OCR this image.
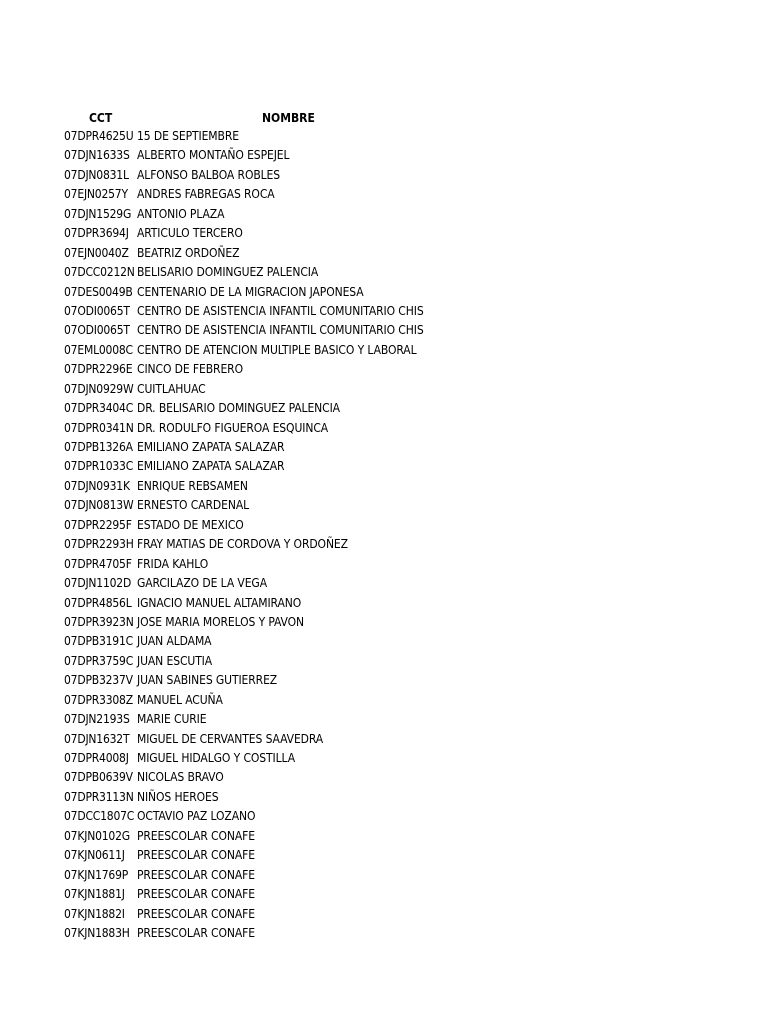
CCT	NOMBRE
07DPR4625U 15 DE SEPTIEMBRE
07DJN1633S ALBERTO MONTAÑO ESPEJEL
07DJN0831L ALFONSO BALBOA ROBLES
07EJN0257Y ANDRES FABREGAS ROCA
07DJN1529G ANTONIO PLAZA
07DPR3694J ARTICULO TERCERO
07EJN0040Z BEATRIZ ORDOÑEZ
07DCC0212N BELISARIO DOMINGUEZ PALENCIA
07DES0049B CENTENARIO DE LA MIGRACION JAPONESA
07ODI0065T CENTRO DE ASISTENCIA INFANTIL COMUNITARIO CHIS
07ODI0065T CENTRO DE ASISTENCIA INFANTIL COMUNITARIO CHIS
07EML0008C CENTRO DE ATENCION MULTIPLE BASICO Y LABORAL
07DPR2296E CINCO DE FEBRERO
07DJN0929W CUITLAHUAC
07DPR3404C DR. BELISARIO DOMINGUEZ PALENCIA
07DPR0341N DR. RODULFO FIGUEROA ESQUINCA
07DPB1326A EMILIANO ZAPATA SALAZAR
07DPR1033C EMILIANO ZAPATA SALAZAR
07DJN0931K ENRIQUE REBSAMEN
07DJN0813W ERNESTO CARDENAL
07DPR2295F ESTADO DE MEXICO
07DPR2293H FRAY MATIAS DE CORDOVA Y ORDOÑEZ
07DPR4705F FRIDA KAHLO
07DJN1102D GARCILAZO DE LA VEGA
07DPR4856L IGNACIO MANUEL ALTAMIRANO
07DPR3923N JOSE MARIA MORELOS Y PAVON
07DPB3191C JUAN ALDAMA
07DPR3759C JUAN ESCUTIA
07DPB3237V JUAN SABINES GUTIERREZ
07DPR3308Z MANUEL ACUÑA
07DJN2193S MARIE CURIE
07DJN1632T MIGUEL DE CERVANTES SAAVEDRA
07DPR4008J MIGUEL HIDALGO Y COSTILLA
07DPB0639V NICOLAS BRAVO
07DPR3113N NIÑOS HEROES
07DCC1807C OCTAVIO PAZ LOZANO
07KJN0102G PREESCOLAR CONAFE
07KJN0611J	PREESCOLAR CONAFE
07KJN1769P PREESCOLAR CONAFE
07KJN1881J	PREESCOLAR CONAFE
07KJN1882I	PREESCOLAR CONAFE
07KJN1883H PREESCOLAR CONAFE
